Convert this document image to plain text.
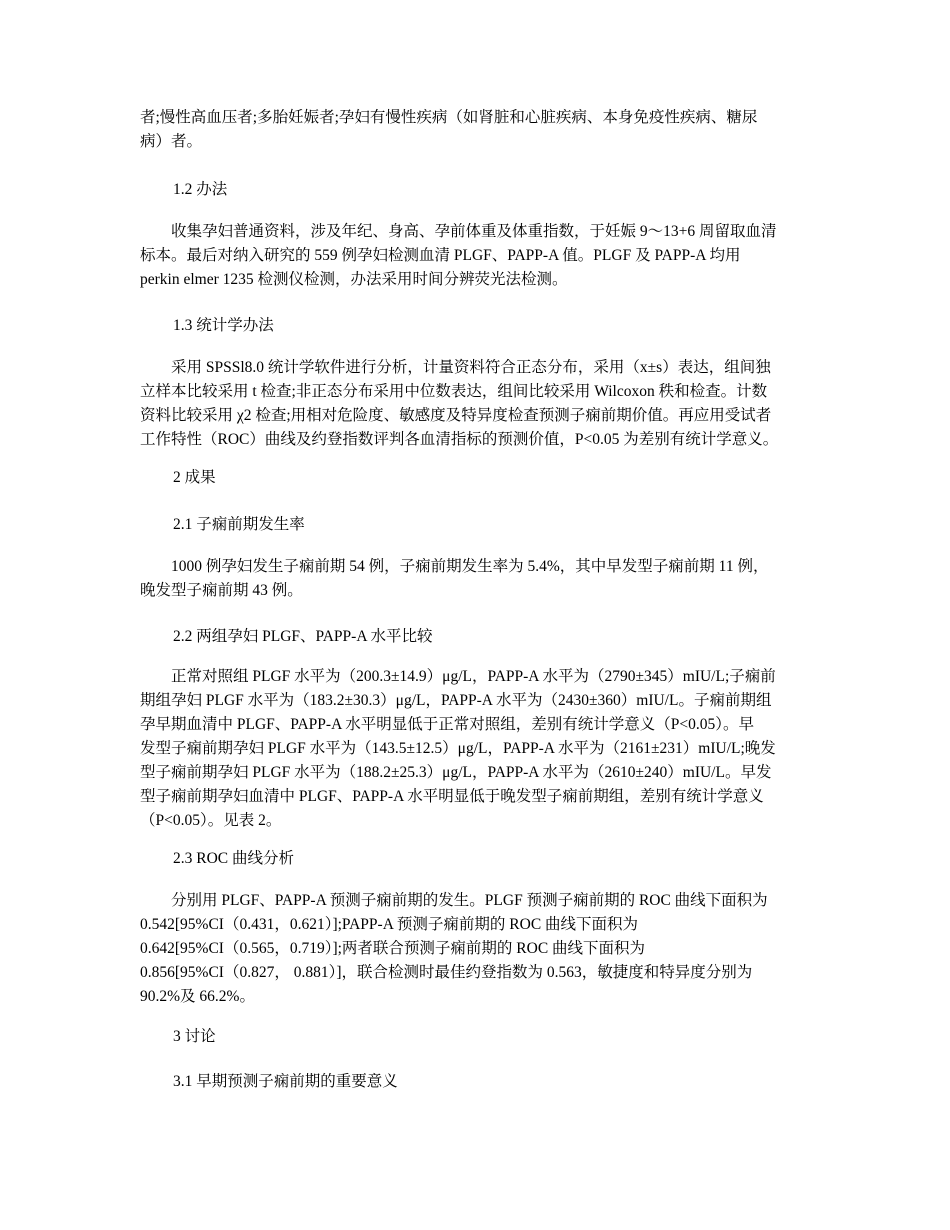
者;慢性高血压者;多胎妊娠者;孕妇有慢性疾病（如肾脏和心脏疾病、本身免疫性疾病、糖尿
病）者。

1.2 办法

　　收集孕妇普通资料，涉及年纪、身高、孕前体重及体重指数，于妊娠 9～13+6 周留取血清
标本。最后对纳入研究的 559 例孕妇检测血清 PLGF、PAPP-A 值。PLGF 及 PAPP-A 均用
perkin elmer 1235 检测仪检测，办法采用时间分辨荧光法检测。

1.3 统计学办法

　　采用 SPSSl8.0 统计学软件进行分析，计量资料符合正态分布，采用（x±s）表达，组间独
立样本比较采用 t 检查;非正态分布采用中位数表达，组间比较采用 Wilcoxon 秩和检查。计数
资料比较采用 χ2 检查;用相对危险度、敏感度及特异度检查预测子痫前期价值。再应用受试者
工作特性（ROC）曲线及约登指数评判各血清指标的预测价值，P<0.05 为差别有统计学意义。

2 成果

2.1 子痫前期发生率

　　1000 例孕妇发生子痫前期 54 例，子痫前期发生率为 5.4%，其中早发型子痫前期 11 例，
晚发型子痫前期 43 例。

2.2 两组孕妇 PLGF、PAPP-A 水平比较

　　正常对照组 PLGF 水平为（200.3±14.9）μg/L，PAPP-A 水平为（2790±345）mIU/L;子痫前
期组孕妇 PLGF 水平为（183.2±30.3）μg/L，PAPP-A 水平为（2430±360）mIU/L。子痫前期组
孕早期血清中 PLGF、PAPP-A 水平明显低于正常对照组，差别有统计学意义（P<0.05）。早
发型子痫前期孕妇 PLGF 水平为（143.5±12.5）μg/L，PAPP-A 水平为（2161±231）mIU/L;晚发
型子痫前期孕妇 PLGF 水平为（188.2±25.3）μg/L，PAPP-A 水平为（2610±240）mIU/L。早发
型子痫前期孕妇血清中 PLGF、PAPP-A 水平明显低于晚发型子痫前期组，差别有统计学意义
（P<0.05）。见表 2。

2.3 ROC 曲线分析

　　分别用 PLGF、PAPP-A 预测子痫前期的发生。PLGF 预测子痫前期的 ROC 曲线下面积为
0.542[95%CI（0.431，0.621）];PAPP-A 预测子痫前期的 ROC 曲线下面积为
0.642[95%CI（0.565，0.719）];两者联合预测子痫前期的 ROC 曲线下面积为
0.856[95%CI（0.827， 0.881）]，联合检测时最佳约登指数为 0.563，敏捷度和特异度分别为
90.2%及 66.2%。

3 讨论

3.1 早期预测子痫前期的重要意义
